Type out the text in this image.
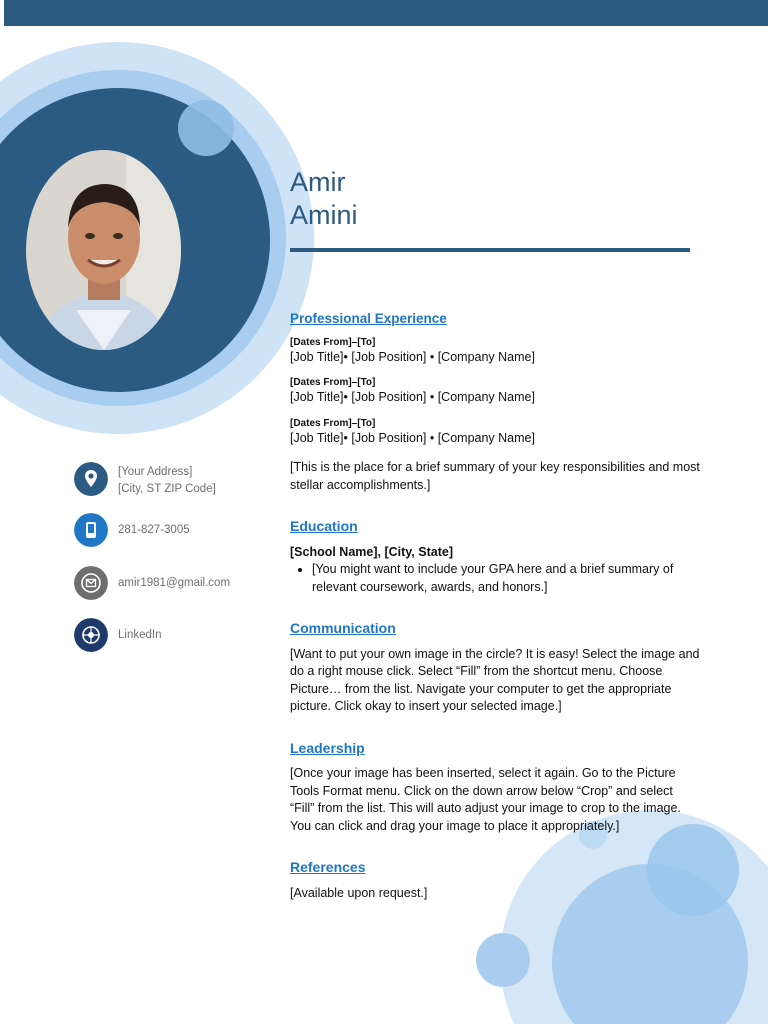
Amir
Amini
[Your Address]
[City, ST ZIP Code]
281-827-3005
amir1981@gmail.com
LinkedIn
Professional Experience
[Dates From]–[To]
[Job Title]• [Job Position] • [Company Name]
[Dates From]–[To]
[Job Title]• [Job Position] • [Company Name]
[Dates From]–[To]
[Job Title]• [Job Position] • [Company Name]

[This is the place for a brief summary of your key responsibilities and most stellar accomplishments.]

Education

[School Name], [City, State]

• [You might want to include your GPA here and a brief summary of relevant coursework, awards, and honors.]
Communication

[Want to put your own image in the circle? It is easy! Select the image and do a right mouse click. Select “Fill” from the shortcut menu. Choose Picture… from the list. Navigate your computer to get the appropriate picture. Click okay to insert your selected image.]

Leadership

[Once your image has been inserted, select it again. Go to the Picture Tools Format menu. Click on the down arrow below “Crop” and select “Fill” from the list. This will auto adjust your image to crop to the image. You can click and drag your image to place it appropriately.]

References

[Available upon request.]
